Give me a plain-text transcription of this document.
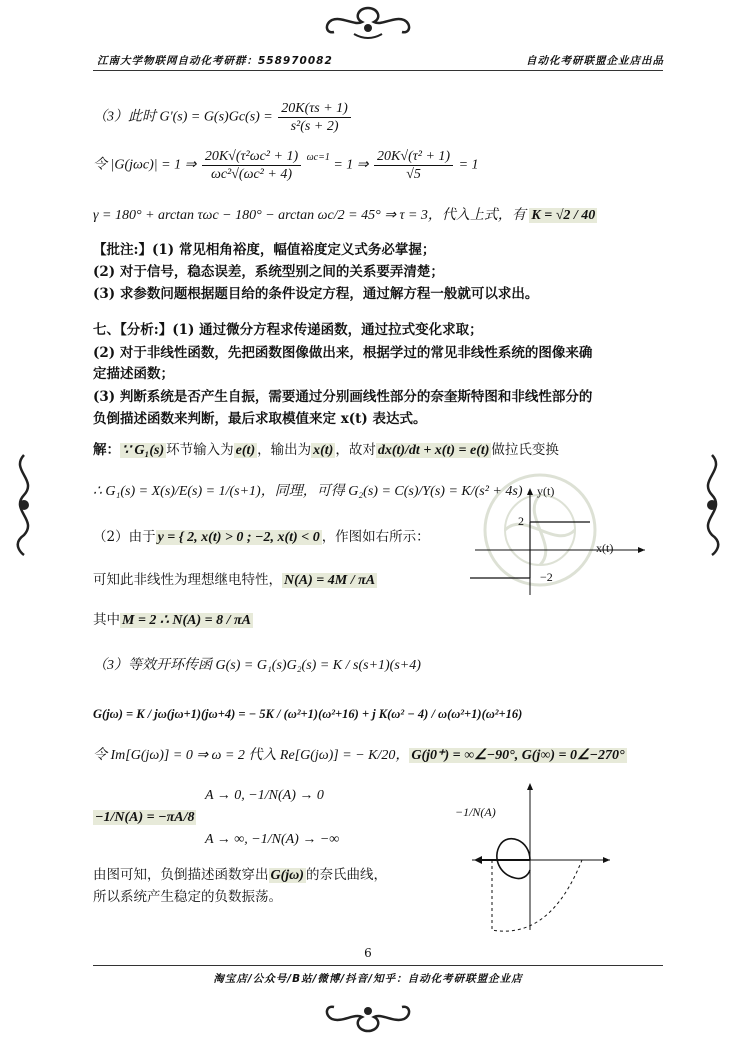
江南大学物联网自动化考研群：558970082	自动化考研联盟企业店出品
（3）此时 $G'(s) = G(s)Gc(s) = \frac{20K(\tau s + 1)}{\text{s²(s + 2)}}$
令 |G(jωc)| = 1 ⇒ $\frac{\text{20K√(τ²ωc² + 1)}}{\text{ωc²√(ωc² + 4)}} ^{\omega c=1} = 1$ ⇒ $\frac{\text{20K√(τ² + 1)}}{√5} = 1$
γ = 180° + arctan τωc − 180° − arctan ωc/2 = 45° ⇒ τ = 3，代入上式，有 K = √2 / 40
【批注:】(1) 常见相角裕度，幅值裕度定义式务必掌握；
(2) 对于信号，稳态误差，系统型别之间的关系要弄清楚；
(3) 求参数问题根据题目给的条件设定方程，通过解方程一般就可以求出。
七、【分析:】(1) 通过微分方程求传递函数，通过拉式变化求取；
(2) 对于非线性函数，先把函数图像做出来，根据学过的常见非线性系统的图像来确
定描述函数；
(3) 判断系统是否产生自振，需要通过分别画线性部分的奈奎斯特图和非线性部分的
负倒描述函数来判断，最后求取模值来定 x(t) 表达式。
解： ∵ G₁(s) 环节输入为 e(t) ，输出为 x(t) ，故对 dx(t)/dt + x(t) = e(t) 做拉氏变换
∴ G₁(s) = X(s)/E(s) = 1/(s+1)，同理，可得 G₂(s) = C(s)/Y(s) = K/(s² + 4s)
（2）由于 y = { 2, x(t) > 0 ; −2, x(t) < 0 ，作图如右所示：
可知此非线性为理想继电特性， N(A) = 4M / πA
其中 M = 2 ∴ N(A) = 8 / πA
（3）等效开环传函 G(s) = G₁(s)G₂(s) = K / s(s+1)(s+4)
G(jω) = K / jω(jω+1)(jω+4) = − 5K / (ω²+1)(ω²+16) + j K(ω² − 4) / ω(ω²+1)(ω²+16)
令 Im[G(jω)] = 0 ⇒ ω = 2 代入 Re[G(jω)] = − K/20， G(j0⁺) = ∞∠−90°, G(j∞) = 0∠−270°
−1/N(A) = −πA/8
A → 0, −1/N(A) → 0
A → ∞, −1/N(A) → −∞
由图可知，负倒描述函数穿出 G(jω) 的奈氏曲线，
所以系统产生稳定的负数振荡。
y(t)
x(t)
2
−2
−1/N(A)
6
淘宝店/公众号/B站/微博/抖音/知乎：自动化考研联盟企业店
